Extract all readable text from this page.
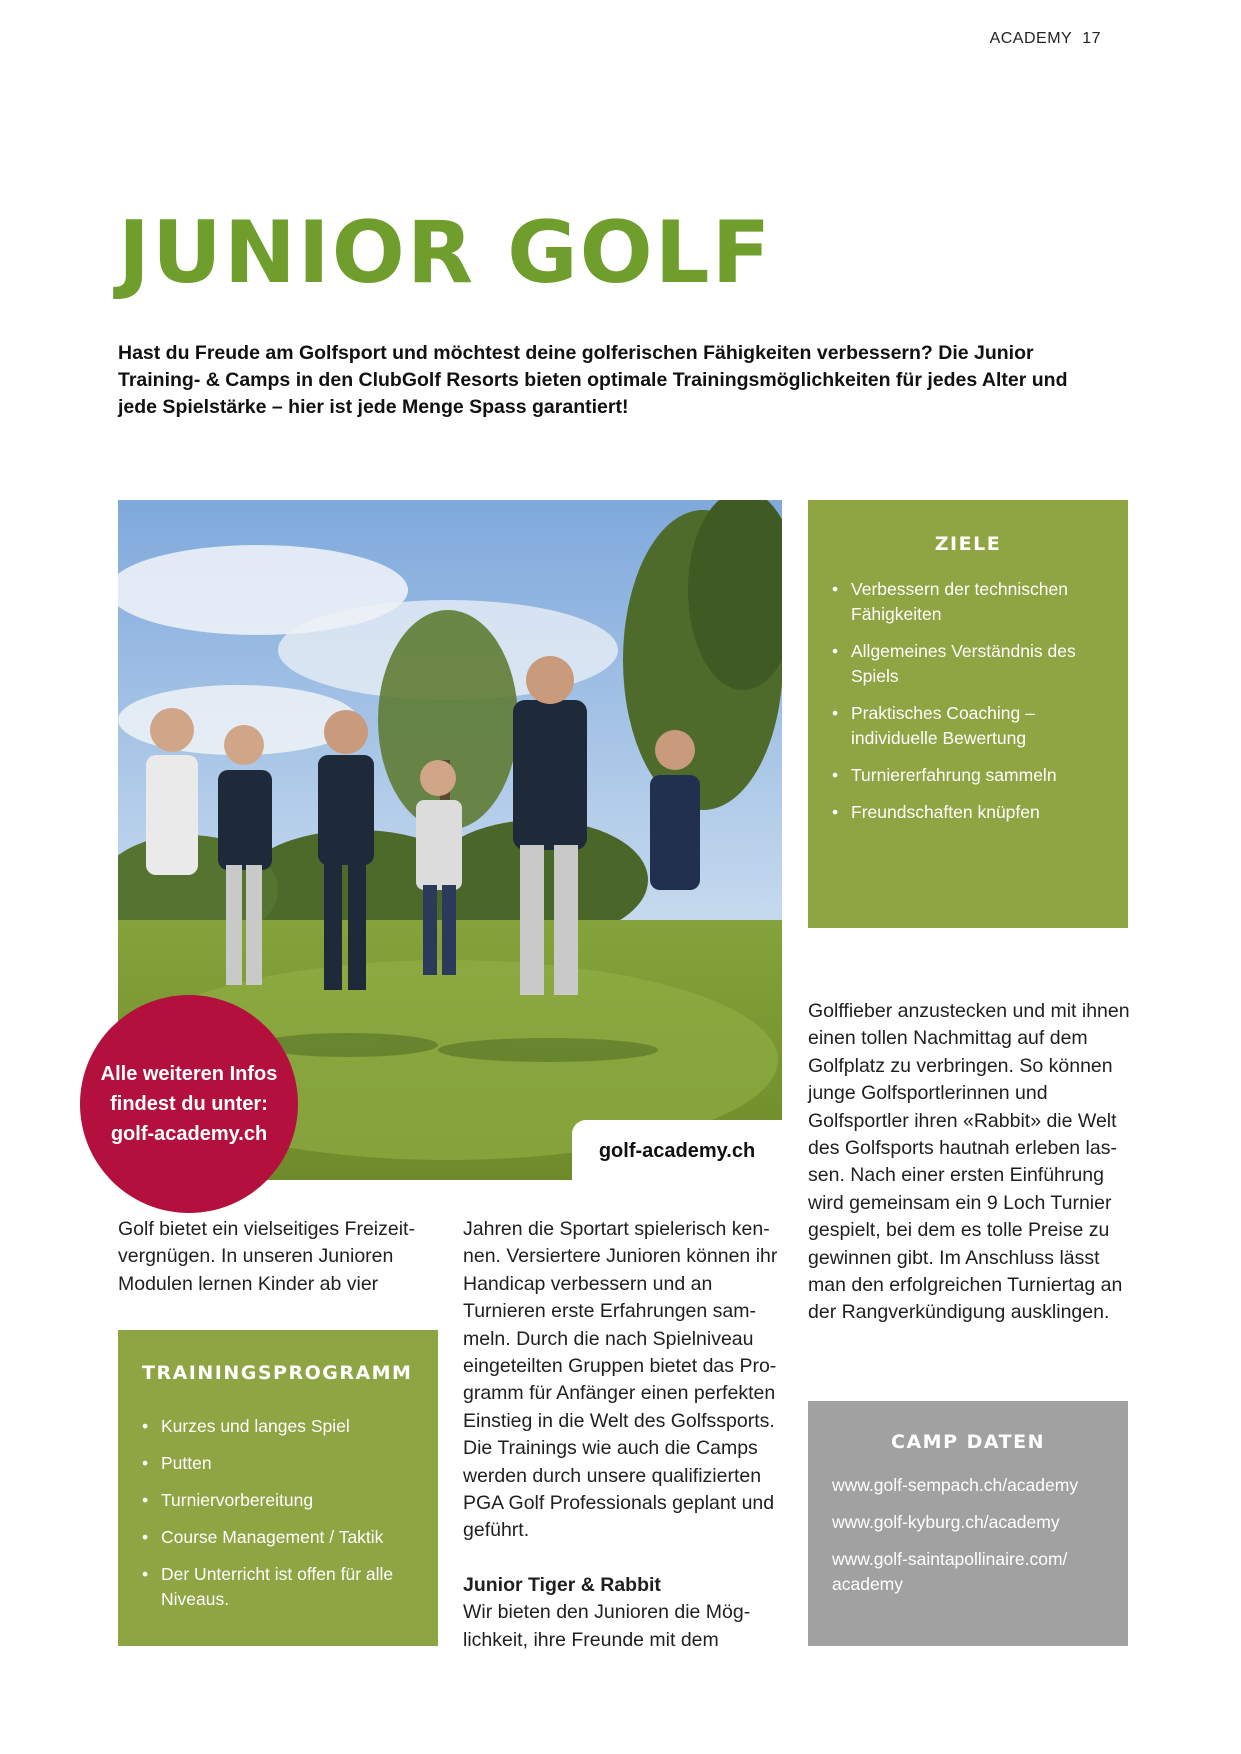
ACADEMY 17
JUNIOR GOLF
Hast du Freude am Golfsport und möchtest deine golferischen Fähigkeiten verbessern? Die Junior Training- & Camps in den ClubGolf Resorts bieten optimale Trainingsmöglichkeiten für jedes Alter und jede Spielstärke – hier ist jede Menge Spass garantiert!
golf-academy.ch
Alle weiteren Infos
findest du unter:
golf-academy.ch
ZIELE
• Verbessern der technischen Fähigkeiten
• Allgemeines Verständnis des Spiels
• Praktisches Coaching – individuelle Bewertung
• Turniererfahrung sammeln
• Freundschaften knüpfen

Golf bietet ein vielseitiges Freizeit-vergnügen. In unseren Junioren Modulen lernen Kinder ab vier

Jahren die Sportart spielerisch ken-nen. Versiertere Junioren können ihr Handicap verbessern und an Turnieren erste Erfahrungen sam-meln. Durch die nach Spielniveau eingeteilten Gruppen bietet das Pro-gramm für Anfänger einen perfekten Einstieg in die Welt des Golfssports. Die Trainings wie auch die Camps werden durch unsere qualifizierten PGA Golf Professionals geplant und geführt.

Junior Tiger & Rabbit

Wir bieten den Junioren die Mög-lichkeit, ihre Freunde mit dem

Golffieber anzustecken und mit ihnen einen tollen Nachmittag auf dem Golfplatz zu verbringen. So können junge Golfsportlerinnen und Golfsportler ihren «Rabbit» die Welt des Golfsports hautnah erleben las-sen. Nach einer ersten Einführung wird gemeinsam ein 9 Loch Turnier gespielt, bei dem es tolle Preise zu gewinnen gibt. Im Anschluss lässt man den erfolgreichen Turniertag an der Rangverkündigung ausklingen.

TRAININGSPROGRAMM
• Kurzes und langes Spiel
• Putten
• Turniervorbereitung
• Course Management / Taktik
• Der Unterricht ist offen für alle Niveaus.
CAMP DATEN
www.golf-sempach.ch/academy
www.golf-kyburg.ch/academy
www.golf-saintapollinaire.com/ academy
